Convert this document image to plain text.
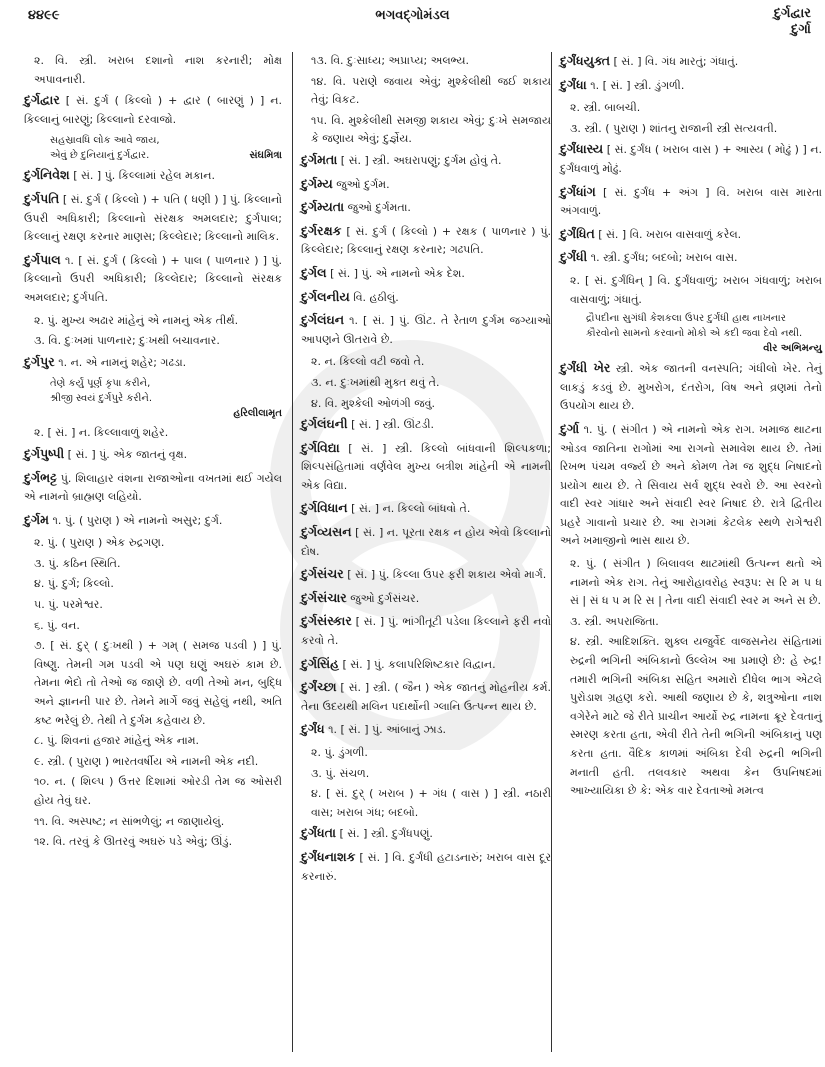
૪૪૯૯	ભગવદ્ગોમંડલ	દુર્ગદ્વાર
દુર્ગા

૨. વિ. સ્ત્રી. ખરાબ દશાનો નાશ કરનારી; મોક્ષ અપાવનારી.

દુર્ગદ્વાર [ સં. દુર્ગ ( કિલ્લો ) + દ્વાર ( બારણું ) ] ન. કિલ્લાનું બારણું; કિલ્લાનો દરવાજો.

સહસ્રાવધિ લોક આવે જાય,
એવું છે દુનિયાનું દુર્ગદ્વાર.	સંઘમિત્રા

દુર્ગનિવેશ [ સં. ] પું. કિલ્લામાં રહેલ મકાન.

દુર્ગપતિ [ સં. દુર્ગ ( કિલ્લો ) + પતિ ( ધણી ) ] પું. કિલ્લાનો ઉપરી અધિકારી; કિલ્લાનો સંરક્ષક અમલદાર; દુર્ગપાલ; કિલ્લાનું રક્ષણ કરનાર માણસ; કિલ્લેદાર; કિલ્લાનો માલિક.

દુર્ગપાલ ૧. [ સં. દુર્ગ ( કિલ્લો ) + પાલ ( પાળનાર ) ] પું. કિલ્લાનો ઉપરી અધિકારી; કિલ્લેદાર; કિલ્લાનો સંરક્ષક અમલદાર; દુર્ગપતિ.

૨. પું. મુખ્ય અઢાર માંહેનું એ નામનું એક તીર્થ.

૩. વિ. દુઃખમાં પાળનાર; દુઃખથી બચાવનાર.

દુર્ગપુર ૧. ન. એ નામનું શહેર; ગઢડા.

તેણે કર્યું પૂર્ણ કૃપા કરીને,
શ્રીજી સ્વયં દુર્ગપુરે કરીને.
હરિલીલામૃત

૨. [ સં. ] ન. કિલ્લાવાળું શહેર.

દુર્ગપુષ્પી [ સં. ] પું. એક જાતનું વૃક્ષ.

દુર્ગભટ્ટ પું. શિલાહાર વંશના રાજાઓના વખતમાં થઈ ગયેલ એ નામનો બ્રાહ્મણ લહિયો.

દુર્ગમ ૧. પું. ( પુરાણ ) એ નામનો અસુર; દુર્ગ.

૨. પું. ( પુરાણ ) એક રુદ્રગણ.

૩. પું. કઠિન સ્થિતિ.

૪. પું. દુર્ગ; કિલ્લો.

૫. પું. પરમેશ્વર.

૬. પું. વન.

૭. [ સં. દુર્ ( દુઃખથી ) + ગમ્ ( સમજ પડવી ) ] પું. વિષ્ણુ. તેમની ગમ પડવી એ પણ ઘણું અઘરું કામ છે. તેમના ભેદો તો તેઓ જ જાણે છે. વળી તેઓ મન, બુદ્ધિ અને જ્ઞાનની પાર છે. તેમને માર્ગે જવું સહેલું નથી, અતિ કષ્ટ ભરેલું છે. તેથી તે દુર્ગમ કહેવાય છે.

૮. પું. શિવનાં હજાર માંહેનું એક નામ.

૯. સ્ત્રી. ( પુરાણ ) ભારતવર્ષીય એ નામની એક નદી.

૧૦. ન. ( શિલ્પ ) ઉત્તર દિશામાં ઓરડી તેમ જ ઓસરી હોય તેવું ઘર.

૧૧. વિ. અસ્પષ્ટ; ન સાંભળેલું; ન જાણાયેલું.

૧૨. વિ. તરવું કે ઊતરવું અઘરું પડે એવું; ઊંડું.

૧૩. વિ. દુઃસાધ્ય; અપ્રાપ્ય; અલભ્ય.

૧૪. વિ. પરાણે જવાય એવું; મુશ્કેલીથી જઈ શકાય તેવું; વિકટ.

૧૫. વિ. મુશ્કેલીથી સમજી શકાય એવું; દુઃખે સમજાય કે જણાય એવું; દુર્જ્ઞેય.

દુર્ગમતા [ સં. ] સ્ત્રી. અઘરાપણું; દુર્ગમ હોવું તે.

દુર્ગમ્ય જુઓ દુર્ગમ.

દુર્ગમ્યતા જુઓ દુર્ગમતા.

દુર્ગરક્ષક [ સં. દુર્ગ ( કિલ્લો ) + રક્ષક ( પાળનાર ) પું. કિલ્લેદાર; કિલ્લાનું રક્ષણ કરનાર; ગઢપતિ.

દુર્ગલ [ સં. ] પું. એ નામનો એક દેશ.

દુર્ગલનીય વિ. હઠીલું.

દુર્ગલંઘન ૧. [ સં. ] પું. ઊંટ. તે રેતાળ દુર્ગમ જગ્યાઓ આપણને ઊતરાવે છે.

૨. ન. કિલ્લો વટી જવો તે.

૩. ન. દુઃખમાંથી મુક્ત થવું તે.

૪. વિ. મુશ્કેલી ઓળંગી જવું.

દુર્ગલંઘની [ સં. ] સ્ત્રી. ઊંટડી.

દુર્ગવિદ્યા [ સં. ] સ્ત્રી. કિલ્લો બાંધવાની શિલ્પકળા; શિલ્પસંહિતામાં વર્ણવેલ મુખ્ય બત્રીશ માંહેની એ નામની એક વિદ્યા.

દુર્ગવિધાન [ સં. ] ન. કિલ્લો બાંધવો તે.

દુર્ગવ્યસન [ સં. ] ન. પૂરતા રક્ષક ન હોય એવો કિલ્લાનો દોષ.

દુર્ગસંચર [ સં. ] પું. કિલ્લા ઉપર ફરી શકાય એવો માર્ગ.

દુર્ગસંચાર જુઓ દુર્ગસંચર.

દુર્ગસંસ્કાર [ સં. ] પું. ભાંગીતૂટી પડેલા કિલ્લાને ફરી નવો કરવો તે.

દુર્ગસિંહ [ સં. ] પું. કલાપરિશિષ્ટકાર વિદ્વાન.

દુર્ગંચ્છા [ સં. ] સ્ત્રી. ( જૈન ) એક જાતનું મોહનીય કર્મ. તેના ઉદયથી મલિન પદાર્થોની ગ્લાનિ ઉત્પન્ન થાય છે.

દુર્ગંધ ૧. [ સં. ] પું. આંબાનું ઝાડ.

૨. પું. ડુંગળી.

૩. પું. સંચળ.

૪. [ સં. દુર્ ( ખરાબ ) + ગંધ ( વાસ ) ] સ્ત્રી. નઠારી વાસ; ખરાબ ગંધ; બદબો.

દુર્ગંધતા [ સં. ] સ્ત્રી. દુર્ગંધપણું.

દુર્ગંધનાશક [ સં. ] વિ. દુર્ગંધી હટાડનારું; ખરાબ વાસ દૂર કરનારું.

દુર્ગંધયુક્ત [ સં. ] વિ. ગંધ મારતું; ગંધાતું.

દુર્ગંધા ૧. [ સં. ] સ્ત્રી. ડુંગળી.

૨. સ્ત્રી. બાબચી.

૩. સ્ત્રી. ( પુરાણ ) શાંતનુ રાજાની સ્ત્રી સત્યવતી.

દુર્ગંધાસ્ય [ સં. દુર્ગંધ ( ખરાબ વાસ ) + આસ્ય ( મોઢું ) ] ન. દુર્ગંધવાળું મોઢું.

દુર્ગંધાંગ [ સં. દુર્ગંધ + અંગ ] વિ. ખરાબ વાસ મારતા અંગવાળું.

દુર્ગંધિત [ સં. ] વિ. ખરાબ વાસવાળું કરેલ.

દુર્ગંધી ૧. સ્ત્રી. દુર્ગંધ; બદબો; ખરાબ વાસ.

૨. [ સં. દુર્ગંધિન્ ] વિ. દુર્ગંધવાળું; ખરાબ ગંધવાળું; ખરાબ વાસવાળું; ગંધાતું.

દ્રૌપદીના સુગંધી કેશકલા ઉપર દુર્ગંધી હાથ નાખનાર કૌરવોનો સામનો કરવાનો મોકો એ કદી જવા દેવો નથી.
વીર અભિમન્યુ

દુર્ગંધી ખેર સ્ત્રી. એક જાતની વનસ્પતિ; ગંધીલો ખેર. તેનું લાકડું કડવું છે. મુખરોગ, દંતરોગ, વિષ અને વ્રણમાં તેનો ઉપયોગ થાય છે.

દુર્ગા ૧. પું. ( સંગીત ) એ નામનો એક રાગ. ખમાજ થાટના ઓડવ જાતિના રાગોમાં આ રાગનો સમાવેશ થાય છે. તેમાં રિખભ પંચમ વર્જ્ય છે અને કોમળ તેમ જ શુદ્ધ નિષાદનો પ્રયોગ થાય છે. તે સિવાય સર્વ શુદ્ધ સ્વરો છે. આ સ્વરનો વાદી સ્વર ગાંધાર અને સંવાદી સ્વર નિષાદ છે. રાત્રે દ્વિતીય પ્રહરે ગાવાનો પ્રચાર છે. આ રાગમાં કેટલેક સ્થળે રાગેશ્વરી અને ખમાજીનો ભાસ થાય છે.

૨. પું. ( સંગીત ) બિલાવલ થાટમાંથી ઉત્પન્ન થતો એ નામનો એક રાગ. તેનું આરોહાવરોહ સ્વરૂપ: સ રિ મ પ ધ સં | સં ધ પ મ રિ સ | તેના વાદી સંવાદી સ્વર મ અને સ છે.

૩. સ્ત્રી. અપરાજિતા.

૪. સ્ત્રી. આદિશક્તિ. શુક્લ યજુર્વેદ વાજસનેય સંહિતામાં રુદ્રની ભગિની અંબિકાનો ઉલ્લેખ આ પ્રમાણે છે: હે રુદ્ર! તમારી ભગિની અંબિકા સહિત અમારો દીધેલ ભાગ એટલે પુરોડાશ ગ્રહણ કરો. આથી જણાય છે કે, શત્રુઓના નાશ વગેરેને માટે જે રીતે પ્રાચીન આર્યો રુદ્ર નામના ક્રૂર દેવતાનું સ્મરણ કરતા હતા, એવી રીતે તેની ભગિની અંબિકાનું પણ કરતા હતા. વૈદિક કાળમાં અંબિકા દેવી રુદ્રની ભગિની મનાતી હતી. તલવકાર અથવા કેન ઉપનિષદમાં આખ્યાયિકા છે કે: એક વાર દેવતાઓ મમત્વ
